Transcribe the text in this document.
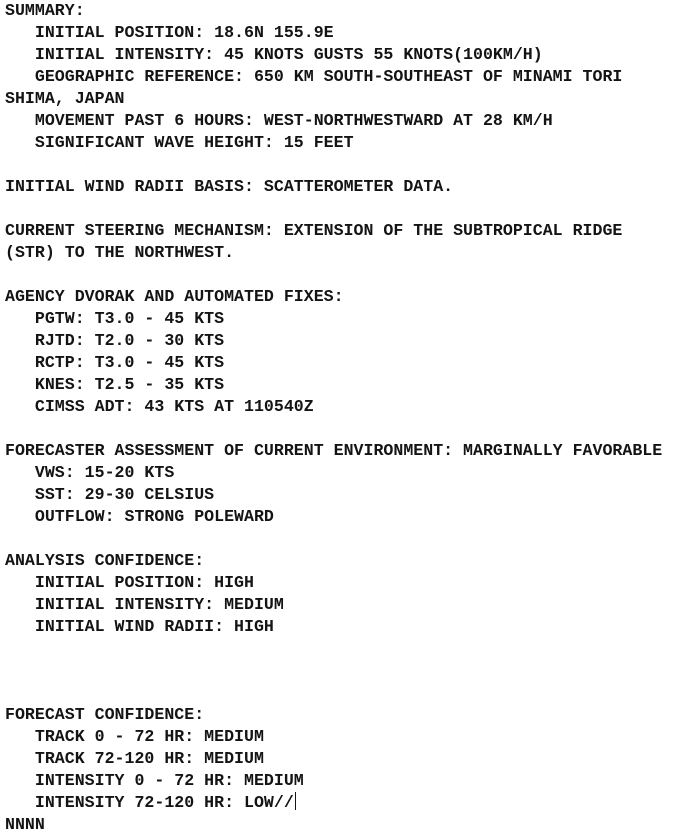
SUMMARY:
INITIAL POSITION: 18.6N 155.9E
INITIAL INTENSITY: 45 KNOTS GUSTS 55 KNOTS(100KM/H)
GEOGRAPHIC REFERENCE: 650 KM SOUTH-SOUTHEAST OF MINAMI TORI
SHIMA, JAPAN
MOVEMENT PAST 6 HOURS: WEST-NORTHWESTWARD AT 28 KM/H
SIGNIFICANT WAVE HEIGHT: 15 FEET
INITIAL WIND RADII BASIS: SCATTEROMETER DATA.
CURRENT STEERING MECHANISM: EXTENSION OF THE SUBTROPICAL RIDGE
(STR) TO THE NORTHWEST.
AGENCY DVORAK AND AUTOMATED FIXES:
PGTW: T3.0 - 45 KTS
RJTD: T2.0 - 30 KTS
RCTP: T3.0 - 45 KTS
KNES: T2.5 - 35 KTS
CIMSS ADT: 43 KTS AT 110540Z
FORECASTER ASSESSMENT OF CURRENT ENVIRONMENT: MARGINALLY FAVORABLE
VWS: 15-20 KTS
SST: 29-30 CELSIUS
OUTFLOW: STRONG POLEWARD
ANALYSIS CONFIDENCE:
INITIAL POSITION: HIGH
INITIAL INTENSITY: MEDIUM
INITIAL WIND RADII: HIGH
FORECAST CONFIDENCE:
TRACK 0 - 72 HR: MEDIUM
TRACK 72-120 HR: MEDIUM
INTENSITY 0 - 72 HR: MEDIUM
INTENSITY 72-120 HR: LOW//
NNNN
